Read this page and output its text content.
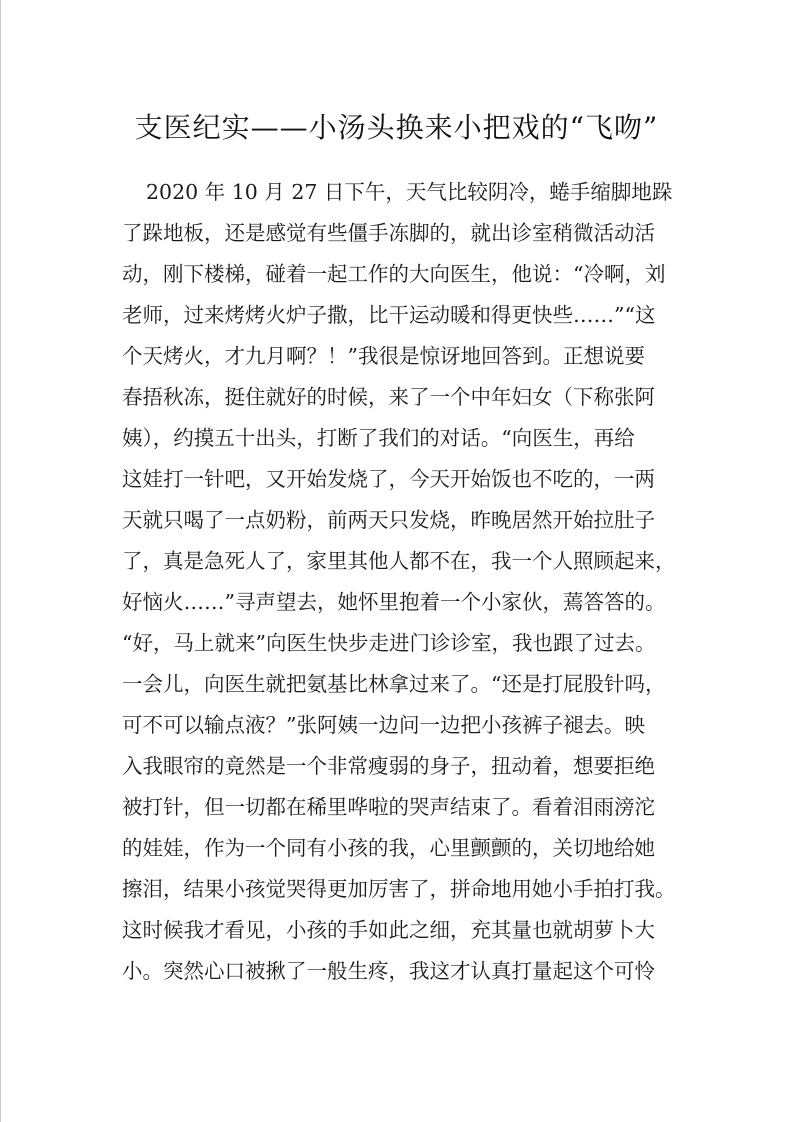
支医纪实——小汤头换来小把戏的“飞吻”
2020 年 10 月 27 日下午，天气比较阴冷，蜷手缩脚地跺
了跺地板，还是感觉有些僵手冻脚的，就出诊室稍微活动活
动，刚下楼梯，碰着一起工作的大向医生，他说：“冷啊，刘
老师，过来烤烤火炉子撒，比干运动暖和得更快些……”“这
个天烤火，才九月啊？！”我很是惊讶地回答到。正想说要
春捂秋冻，挺住就好的时候，来了一个中年妇女（下称张阿
姨），约摸五十出头，打断了我们的对话。“向医生，再给
这娃打一针吧，又开始发烧了，今天开始饭也不吃的，一两
天就只喝了一点奶粉，前两天只发烧，昨晚居然开始拉肚子
了，真是急死人了，家里其他人都不在，我一个人照顾起来，
好恼火……”寻声望去，她怀里抱着一个小家伙，蔫答答的。
“好，马上就来”向医生快步走进门诊诊室，我也跟了过去。
一会儿，向医生就把氨基比林拿过来了。“还是打屁股针吗，
可不可以输点液？”张阿姨一边问一边把小孩裤子褪去。映
入我眼帘的竟然是一个非常瘦弱的身子，扭动着，想要拒绝
被打针，但一切都在稀里哗啦的哭声结束了。看着泪雨滂沱
的娃娃，作为一个同有小孩的我，心里颤颤的，关切地给她
擦泪，结果小孩觉哭得更加厉害了，拼命地用她小手拍打我。
这时候我才看见，小孩的手如此之细，充其量也就胡萝卜大
小。突然心口被揪了一般生疼，我这才认真打量起这个可怜
